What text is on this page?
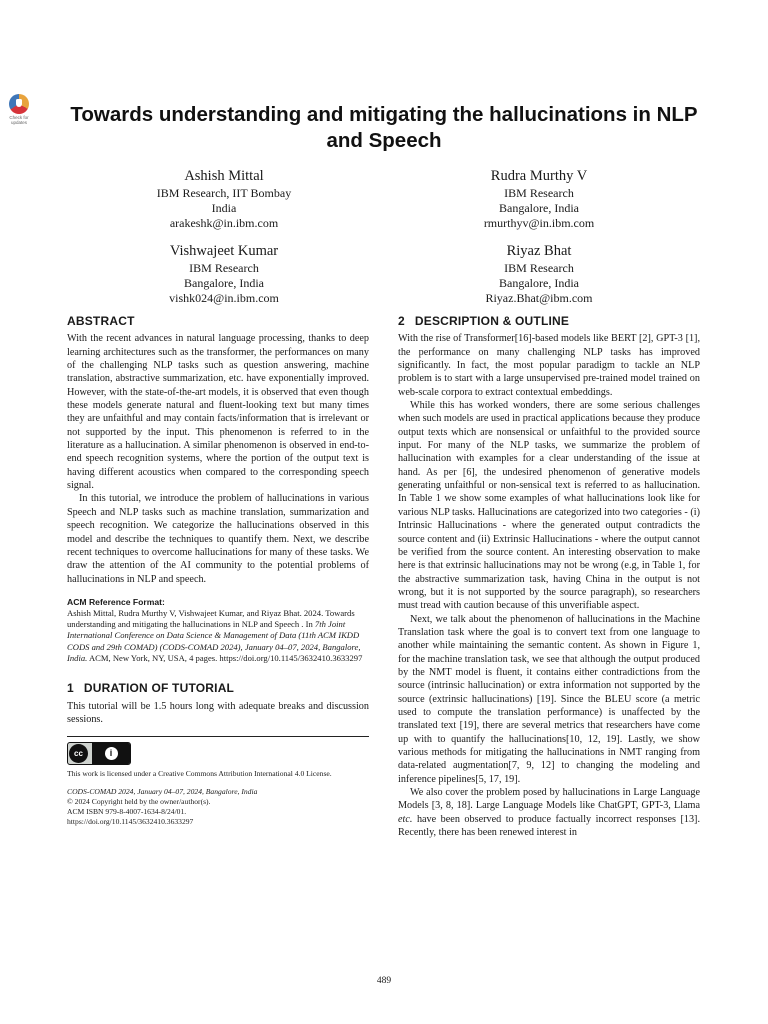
Check for
updates	Towards understanding and mitigating the hallucinations in NLP and Speech
Ashish Mittal
IBM Research, IIT Bombay
India
arakeshk@in.ibm.com
Rudra Murthy V
IBM Research
Bangalore, India
rmurthyv@in.ibm.com
Vishwajeet Kumar
IBM Research
Bangalore, India
vishk024@in.ibm.com
Riyaz Bhat
IBM Research
Bangalore, India
Riyaz.Bhat@ibm.com
ABSTRACT

With the recent advances in natural language processing, thanks to deep learning architectures such as the transformer, the performances on many of the challenging NLP tasks such as question answering, machine translation, abstractive summarization, etc. have exponentially improved. However, with the state-of-the-art models, it is observed that even though these models generate natural and fluent-looking text but many times they are unfaithful and may contain facts/information that is irrelevant or not supported by the input. This phenomenon is referred to in the literature as a hallucination. A similar phenomenon is observed in end-to-end speech recognition systems, where the portion of the output text is having different acoustics when compared to the corresponding speech signal.

In this tutorial, we introduce the problem of hallucinations in various Speech and NLP tasks such as machine translation, summarization and speech recognition. We categorize the hallucinations observed in this model and describe the techniques to quantify them. Next, we describe recent techniques to overcome hallucinations for many of these tasks. We draw the attention of the AI community to the potential problems of hallucinations in NLP and speech.

ACM Reference Format:
Ashish Mittal, Rudra Murthy V, Vishwajeet Kumar, and Riyaz Bhat. 2024. Towards understanding and mitigating the hallucinations in NLP and Speech . In 7th Joint International Conference on Data Science & Management of Data (11th ACM IKDD CODS and 29th COMAD) (CODS-COMAD 2024), January 04–07, 2024, Bangalore, India. ACM, New York, NY, USA, 4 pages. https://doi.org/10.1145/3632410.3633297
1 DURATION OF TUTORIAL

This tutorial will be 1.5 hours long with adequate breaks and discussion sessions.

cc	i
This work is licensed under a Creative Commons Attribution International 4.0 License.
CODS-COMAD 2024, January 04–07, 2024, Bangalore, India
© 2024 Copyright held by the owner/author(s).
ACM ISBN 979-8-4007-1634-8/24/01.
https://doi.org/10.1145/3632410.3633297
2 DESCRIPTION & OUTLINE

With the rise of Transformer[16]-based models like BERT [2], GPT-3 [1], the performance on many challenging NLP tasks has improved significantly. In fact, the most popular paradigm to tackle an NLP problem is to start with a large unsupervised pre-trained model trained on web-scale corpora to extract contextual embeddings.

While this has worked wonders, there are some serious challenges when such models are used in practical applications because they produce output texts which are nonsensical or unfaithful to the provided source input. For many of the NLP tasks, we summarize the problem of hallucination with examples for a clear understanding of the issue at hand. As per [6], the undesired phenomenon of generative models generating unfaithful or non-sensical text is referred to as hallucination. In Table 1 we show some examples of what hallucinations look like for various NLP tasks. Hallucinations are categorized into two categories - (i) Intrinsic Hallucinations - where the generated output contradicts the source content and (ii) Extrinsic Hallucinations - where the output cannot be verified from the source content. An interesting observation to make here is that extrinsic hallucinations may not be wrong (e.g, in Table 1, for the abstractive summarization task, having China in the output is not wrong, but it is not supported by the source paragraph), so researchers must tread with caution because of this unverifiable aspect.

Next, we talk about the phenomenon of hallucinations in the Machine Translation task where the goal is to convert text from one language to another while maintaining the semantic content. As shown in Figure 1, for the machine translation task, we see that although the output produced by the NMT model is fluent, it contains either contradictions from the source (intrinsic hallucination) or extra information not supported by the source (extrinsic hallucinations) [19]. Since the BLEU score (a metric used to compute the translation performance) is unaffected by the translated text [19], there are several metrics that researchers have come up with to quantify the hallucinations[10, 12, 19]. Lastly, we show various methods for mitigating the hallucinations in NMT ranging from data-related augmentation[7, 9, 12] to changing the modeling and inference pipelines[5, 17, 19].

We also cover the problem posed by hallucinations in Large Language Models [3, 8, 18]. Large Language Models like ChatGPT, GPT-3, Llama etc. have been observed to produce factually incorrect responses [13]. Recently, there has been renewed interest in

489
